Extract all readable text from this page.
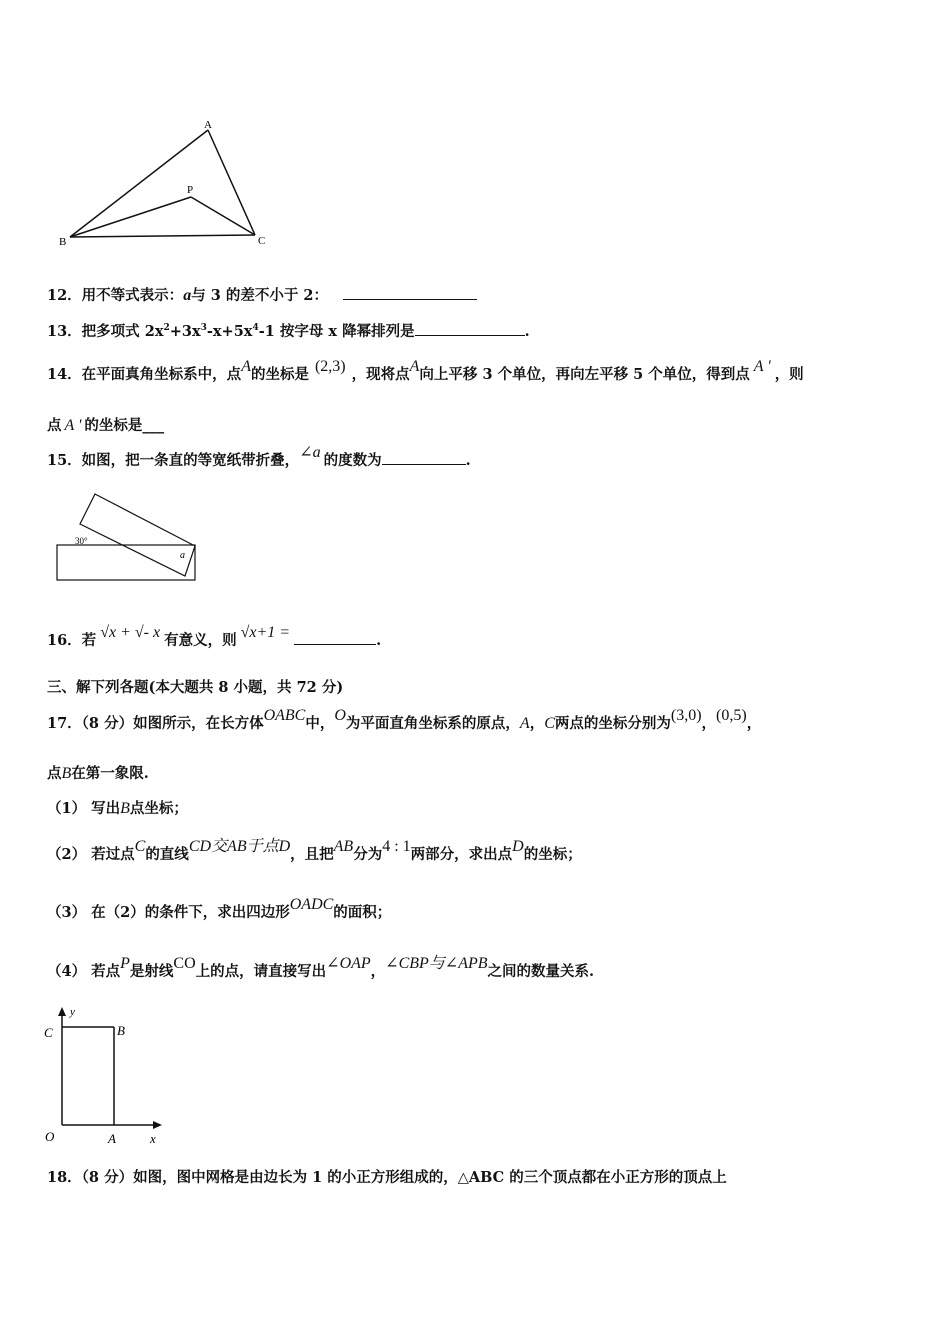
A
B	C
P
12．用不等式表示：a与 3 的差不小于 2：
13．把多项式 $2x^2+3x^3-x+5x^4-1$ 按字母 x 降幂排列是	.
14．在平面真角坐标系中，点A的坐标是 (2,3) ，现将点A向上平移 3 个单位，再向左平移 5 个单位，得到点 A ' ，则
点 A ' 的坐标是___
15．如图，把一条直的等宽纸带折叠，∠a 的度数为	.
30°
a
16．若 √x + √- x 有意义，则 √x+1 =	.
三、解下列各题(本大题共 8 小题，共 72 分)
17．（8 分）如图所示，在长方体OABC中，O为平面直角坐标系的原点，A，C两点的坐标分别为(3,0)，(0,5)，
点B在第一象限.
（1） 写出B点坐标；
（2） 若过点C的直线CD交AB于点D，且把AB分为4 : 1两部分，求出点D的坐标；
（3） 在（2）的条件下，求出四边形OADC的面积；
（4） 若点P是射线CO上的点，请直接写出∠OAP，∠CBP与∠APB之间的数量关系.
y
x
C	B
O	A
18．（8 分）如图，图中网格是由边长为 1 的小正方形组成的，△ABC 的三个顶点都在小正方形的顶点上
